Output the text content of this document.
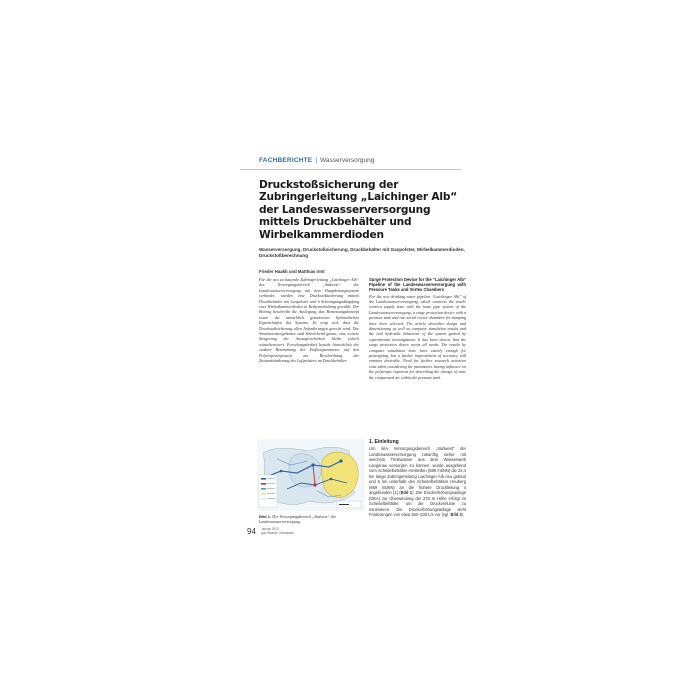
FACHBERICHTE | Wasserversorgung
Druckstoßsicherung der Zubringerleitung „Laichinger Alb“ der Landeswasserversorgung mittels Druckbehälter und Wirbelkammerdioden
Wasserversorgung, Druckstoßsicherung, Druckbehälter mit Gaspolster, Wirbelkammerdioden, Druckstoßberechnung
Frieder Haakh und Matthias Irmt
Für die neu zu bauende Zubringerleitung „Laichinger Alb“ des Versorgungsbereich „Südwest“ der Landeswasserversorgung mit dem Hauptleitungssystem verbindet, wurden eine Druckstoßsicherung mittels Druckbehälter mit Gaspolster und 'n Schwingungsdämpfung zwei Wirbelkammerdioden in Reihenschaltung gewählt. Der Beitrag beschreibt die Auslegung, das Bemessungskonzept sowie die tatsächlich gemessenen hydraulischen Eigenschaften des Systems. Es zeigt sich, dass die Druckstoßsicherung allen Anforderungen gerecht wird. Der Simulationsergebnisse sind hinreichend genau, eine weitere Steigerung der Aussagesicherheit bleibt jedoch wünschenswert. Forschungsbedarf besteht hinsichtlich der exakten Bestimmung der Einflussparameter auf den Polytropenexponent zur Beschreibung der Zustandsänderung des Luftpolsters im Druckbehälter.
Surge Protection Device for the “Laichinger Alb” Pipeline of the Landeswasserversorgung with Pressure Tanks and Vortex Chambers
For the new drinking water pipeline “Laichinger Alb” of the Landeswasserversorgung, which connects the south-western supply zone with the main pipe system of the Landeswasserversorgung, a surge protection device with a pressure tank and two serial vortex chambers for damping have been selected. The article describes design and dimensioning as well as computer simulation results and the real hydraulic behaviour of the system gained by experimental investigations. It has been shown, that the surge protection device meets all needs. The results by computer simulation have been exactly enough for prototyping, but a further improvement of accuracy still remains desirable. Need for further research activities exist when considering the parameters having influence on the polytropic exponent for describing the change of state the compressed air within the pressure tank.
Bild 1: Der Versorgungsbereich „Südwest“ der Landeswasserversorgung.
1. Einleitung

Um den Versorgungsbereich „Südwest“ der Landeswasserversorgung zukünftig sicher mit weichem Trinkwasser aus dem Wasserwerk Langenau versorgen zu können, wurde ausgehend vom Scheitelbehälter Amstetten (586 müNN) die 23,4 km lange Zubringerleitung Laichinger Alb neu gebaut und 6 km unterhalb des Scheitelbehälters Heuberg (859 müNN) an die frühere Druckleitung 4 angebunden [1] (Bild 1). Die Druckerhöhungsanlage (DEA) zur Überwindung der 270 m Höhe erfolgt im Scheitelbehälter, um die Druckverluste zu minimieren. Die Druckerhöhungsanlage sieht Förderungen von etwa 150–230 L/s vor (vgl. Bild 3).

94 Januar 2013
gwf-Wasser | Abwasser
